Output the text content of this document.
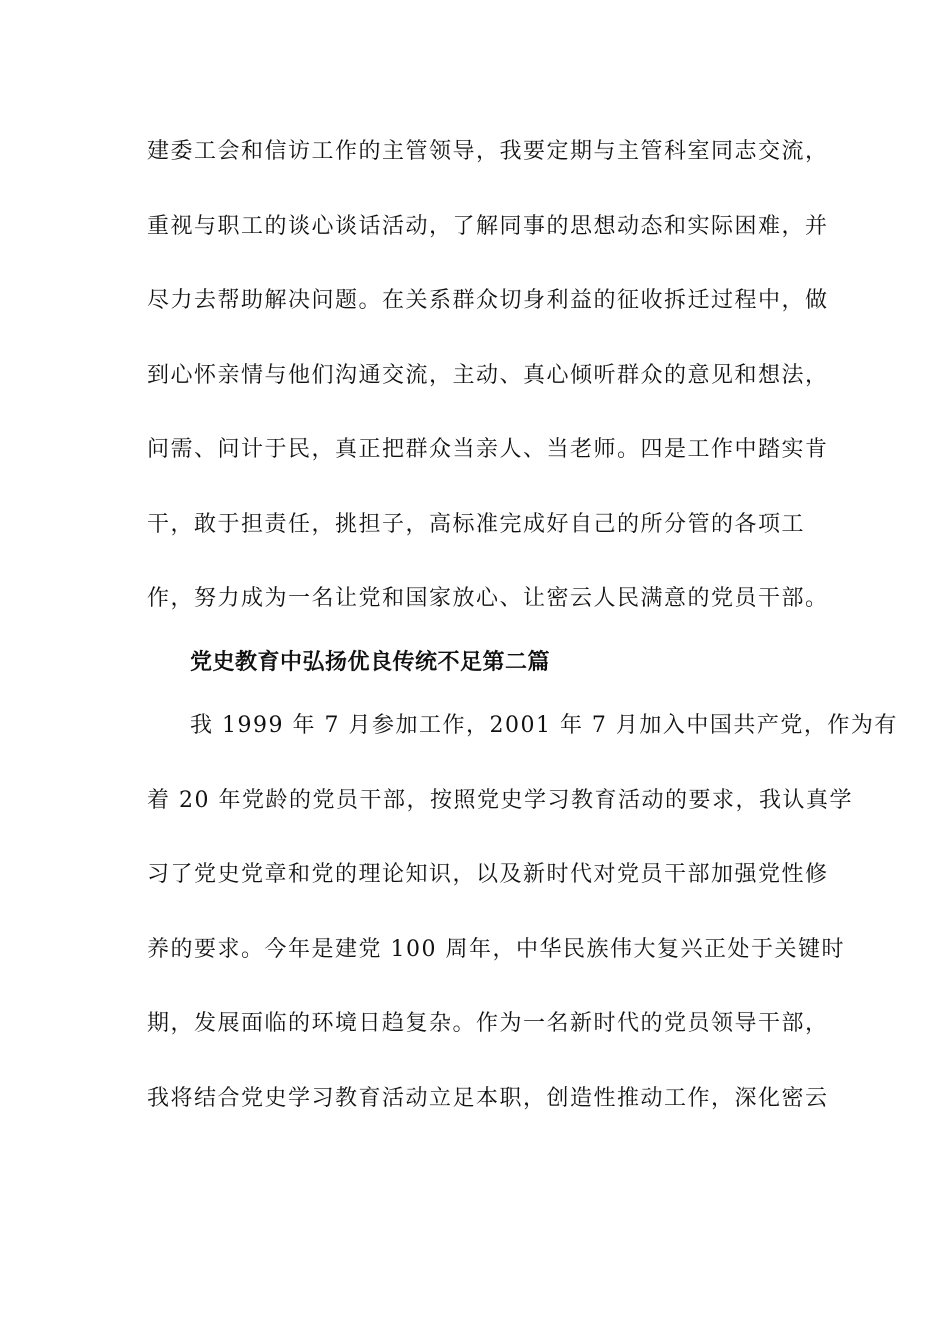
建委工会和信访工作的主管领导，我要定期与主管科室同志交流，
重视与职工的谈心谈话活动，了解同事的思想动态和实际困难，并
尽力去帮助解决问题。在关系群众切身利益的征收拆迁过程中，做
到心怀亲情与他们沟通交流，主动、真心倾听群众的意见和想法，
问需、问计于民，真正把群众当亲人、当老师。四是工作中踏实肯
干，敢于担责任，挑担子，高标准完成好自己的所分管的各项工
作，努力成为一名让党和国家放心、让密云人民满意的党员干部。
党史教育中弘扬优良传统不足第二篇
我 1999 年 7 月参加工作，2001 年 7 月加入中国共产党，作为有
着 20 年党龄的党员干部，按照党史学习教育活动的要求，我认真学
习了党史党章和党的理论知识，以及新时代对党员干部加强党性修
养的要求。今年是建党 100 周年，中华民族伟大复兴正处于关键时
期，发展面临的环境日趋复杂。作为一名新时代的党员领导干部，
我将结合党史学习教育活动立足本职，创造性推动工作，深化密云
